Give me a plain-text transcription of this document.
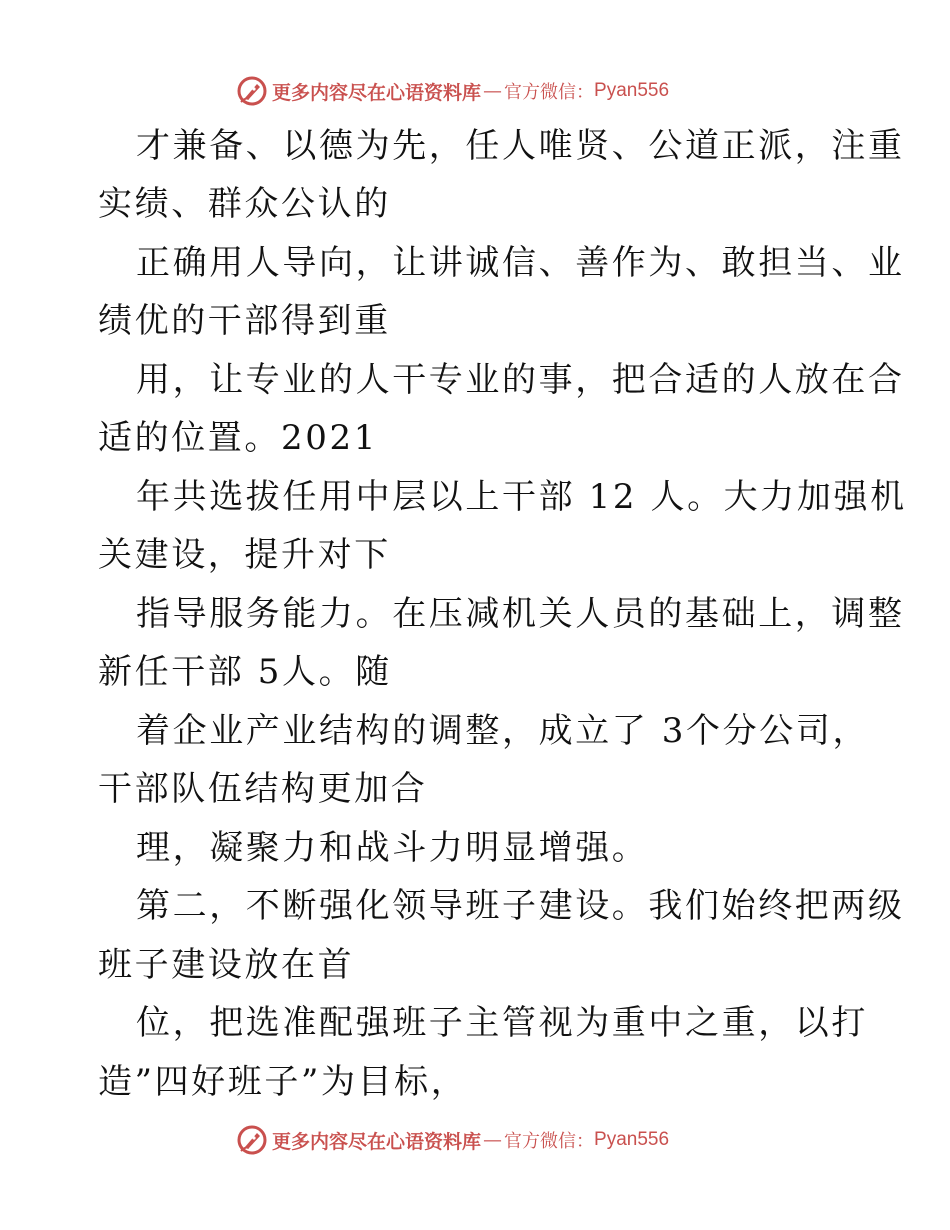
更多内容尽在心语资料库 — 官方微信： Pyan556
才兼备、以德为先，任人唯贤、公道正派，注重
实绩、群众公认的
正确用人导向，让讲诚信、善作为、敢担当、业
绩优的干部得到重
用，让专业的人干专业的事，把合适的人放在合
适的位置。2021
年共选拔任用中层以上干部 12 人。大力加强机
关建设，提升对下
指导服务能力。在压减机关人员的基础上，调整
新任干部 5人。随
着企业产业结构的调整，成立了 3个分公司，
干部队伍结构更加合
理，凝聚力和战斗力明显增强。
第二，不断强化领导班子建设。我们始终把两级
班子建设放在首
位，把选准配强班子主管视为重中之重，以打
造”四好班子”为目标，
更多内容尽在心语资料库 — 官方微信： Pyan556
